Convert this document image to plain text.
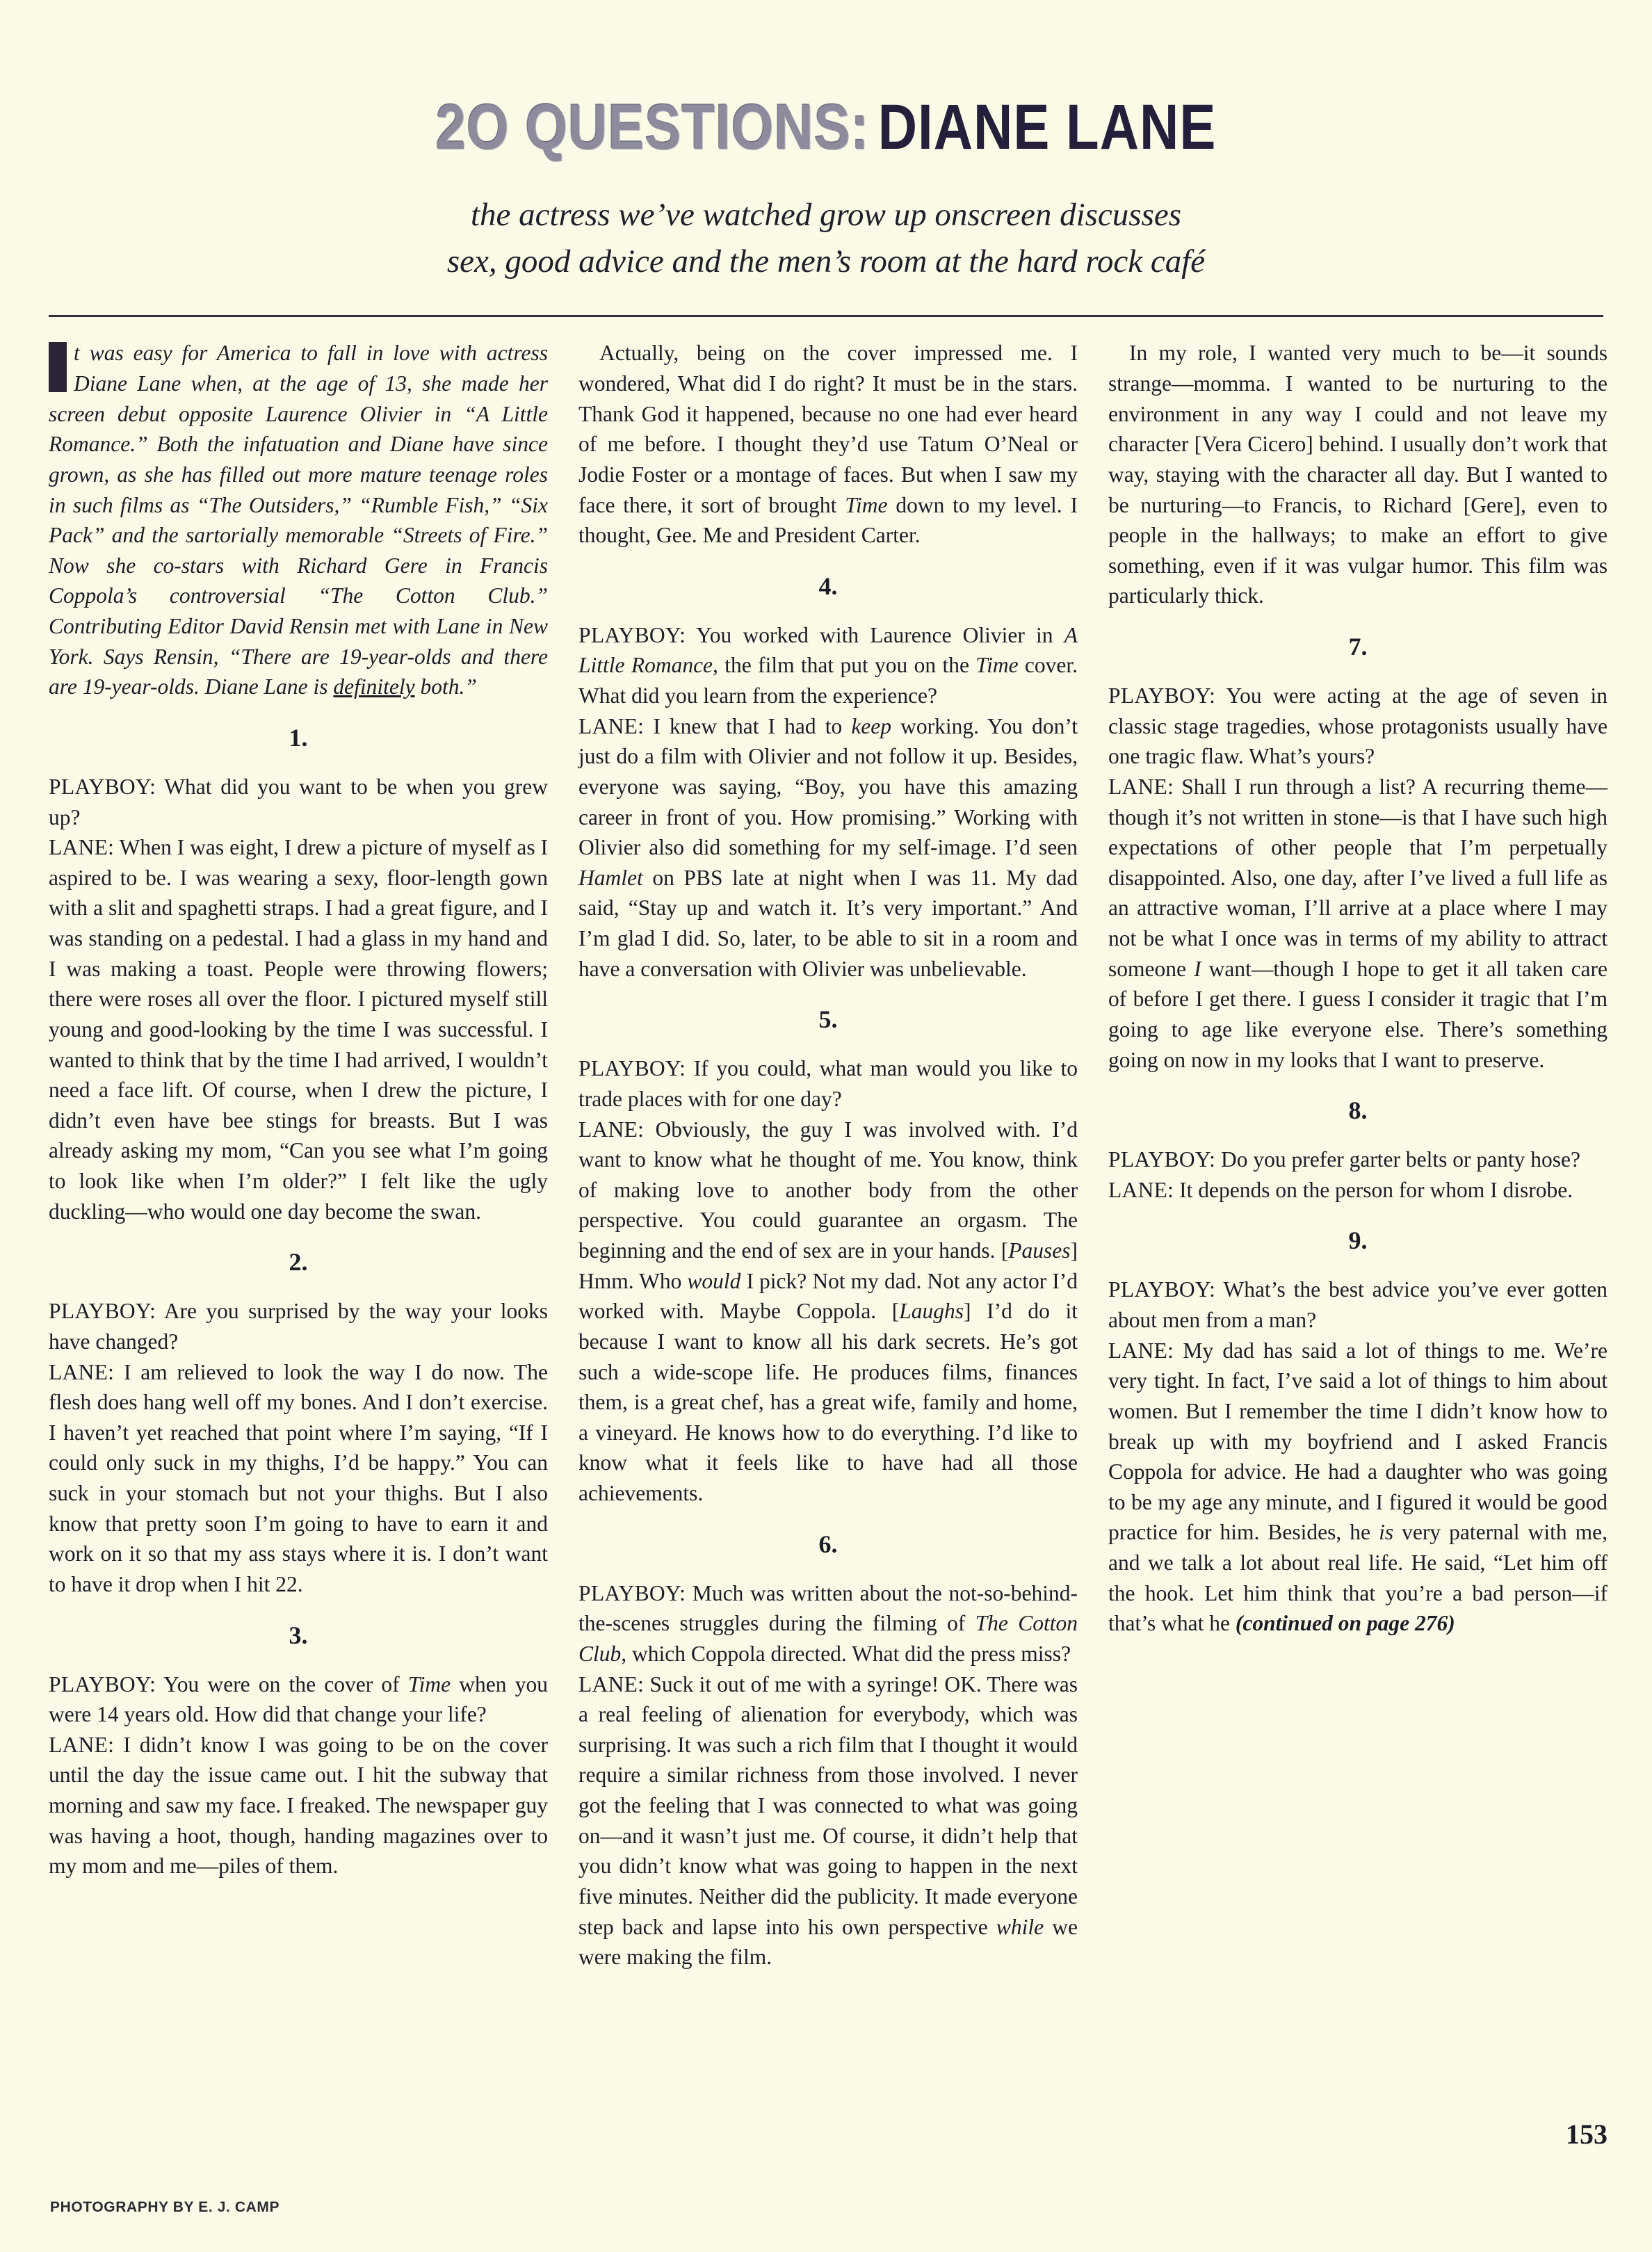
2O QUESTIONS: DIANE LANE
the actress we’ve watched grow up onscreen discusses
sex, good advice and the men’s room at the hard rock café

t was easy for America to fall in love with actress Diane Lane when, at the age of 13, she made her screen debut opposite Laurence Olivier in “A Little Romance.” Both the infatuation and Diane have since grown, as she has filled out more mature teenage roles in such films as “The Outsiders,” “Rumble Fish,” “Six Pack” and the sartorially memorable “Streets of Fire.” Now she co-stars with Richard Gere in Francis Coppola’s controversial “The Cotton Club.” Contributing Editor David Rensin met with Lane in New York. Says Rensin, “There are 19-year-olds and there are 19-year-olds. Diane Lane is definitely both.”

1.

PLAYBOY: What did you want to be when you grew up?

LANE: When I was eight, I drew a picture of myself as I aspired to be. I was wearing a sexy, floor-length gown with a slit and spaghetti straps. I had a great figure, and I was standing on a pedestal. I had a glass in my hand and I was making a toast. People were throwing flowers; there were roses all over the floor. I pictured myself still young and good-looking by the time I was successful. I wanted to think that by the time I had arrived, I wouldn’t need a face lift. Of course, when I drew the picture, I didn’t even have bee stings for breasts. But I was already asking my mom, “Can you see what I’m going to look like when I’m older?” I felt like the ugly duckling—who would one day become the swan.

2.

PLAYBOY: Are you surprised by the way your looks have changed?

LANE: I am relieved to look the way I do now. The flesh does hang well off my bones. And I don’t exercise. I haven’t yet reached that point where I’m saying, “If I could only suck in my thighs, I’d be happy.” You can suck in your stomach but not your thighs. But I also know that pretty soon I’m going to have to earn it and work on it so that my ass stays where it is. I don’t want to have it drop when I hit 22.

3.

PLAYBOY: You were on the cover of Time when you were 14 years old. How did that change your life?

LANE: I didn’t know I was going to be on the cover until the day the issue came out. I hit the subway that morning and saw my face. I freaked. The newspaper guy was having a hoot, though, handing magazines over to my mom and me—piles of them.

Actually, being on the cover impressed me. I wondered, What did I do right? It must be in the stars. Thank God it happened, because no one had ever heard of me before. I thought they’d use Tatum O’Neal or Jodie Foster or a montage of faces. But when I saw my face there, it sort of brought Time down to my level. I thought, Gee. Me and President Carter.

4.

PLAYBOY: You worked with Laurence Olivier in A Little Romance, the film that put you on the Time cover. What did you learn from the experience?

LANE: I knew that I had to keep working. You don’t just do a film with Olivier and not follow it up. Besides, everyone was saying, “Boy, you have this amazing career in front of you. How promising.” Working with Olivier also did something for my self-image. I’d seen Hamlet on PBS late at night when I was 11. My dad said, “Stay up and watch it. It’s very important.” And I’m glad I did. So, later, to be able to sit in a room and have a conversation with Olivier was unbelievable.

5.

PLAYBOY: If you could, what man would you like to trade places with for one day?

LANE: Obviously, the guy I was involved with. I’d want to know what he thought of me. You know, think of making love to another body from the other perspective. You could guarantee an orgasm. The beginning and the end of sex are in your hands. [Pauses] Hmm. Who would I pick? Not my dad. Not any actor I’d worked with. Maybe Coppola. [Laughs] I’d do it because I want to know all his dark secrets. He’s got such a wide-scope life. He produces films, finances them, is a great chef, has a great wife, family and home, a vineyard. He knows how to do everything. I’d like to know what it feels like to have had all those achievements.

6.

PLAYBOY: Much was written about the not-so-behind-the-scenes struggles during the filming of The Cotton Club, which Coppola directed. What did the press miss?

LANE: Suck it out of me with a syringe! OK. There was a real feeling of alienation for everybody, which was surprising. It was such a rich film that I thought it would require a similar richness from those involved. I never got the feeling that I was connected to what was going on—and it wasn’t just me. Of course, it didn’t help that you didn’t know what was going to happen in the next five minutes. Neither did the publicity. It made everyone step back and lapse into his own perspective while we were making the film.

In my role, I wanted very much to be—it sounds strange—momma. I wanted to be nurturing to the environment in any way I could and not leave my character [Vera Cicero] behind. I usually don’t work that way, staying with the character all day. But I wanted to be nurturing—to Francis, to Richard [Gere], even to people in the hallways; to make an effort to give something, even if it was vulgar humor. This film was particularly thick.

7.

PLAYBOY: You were acting at the age of seven in classic stage tragedies, whose protagonists usually have one tragic flaw. What’s yours?

LANE: Shall I run through a list? A recurring theme—though it’s not written in stone—is that I have such high expectations of other people that I’m perpetually disappointed. Also, one day, after I’ve lived a full life as an attractive woman, I’ll arrive at a place where I may not be what I once was in terms of my ability to attract someone I want—though I hope to get it all taken care of before I get there. I guess I consider it tragic that I’m going to age like everyone else. There’s something going on now in my looks that I want to preserve.

8.

PLAYBOY: Do you prefer garter belts or panty hose?

LANE: It depends on the person for whom I disrobe.

9.

PLAYBOY: What’s the best advice you’ve ever gotten about men from a man?

LANE: My dad has said a lot of things to me. We’re very tight. In fact, I’ve said a lot of things to him about women. But I remember the time I didn’t know how to break up with my boyfriend and I asked Francis Coppola for advice. He had a daughter who was going to be my age any minute, and I figured it would be good practice for him. Besides, he is very paternal with me, and we talk a lot about real life. He said, “Let him off the hook. Let him think that you’re a bad person—if that’s what he (continued on page 276)

PHOTOGRAPHY BY E. J. CAMP
153
